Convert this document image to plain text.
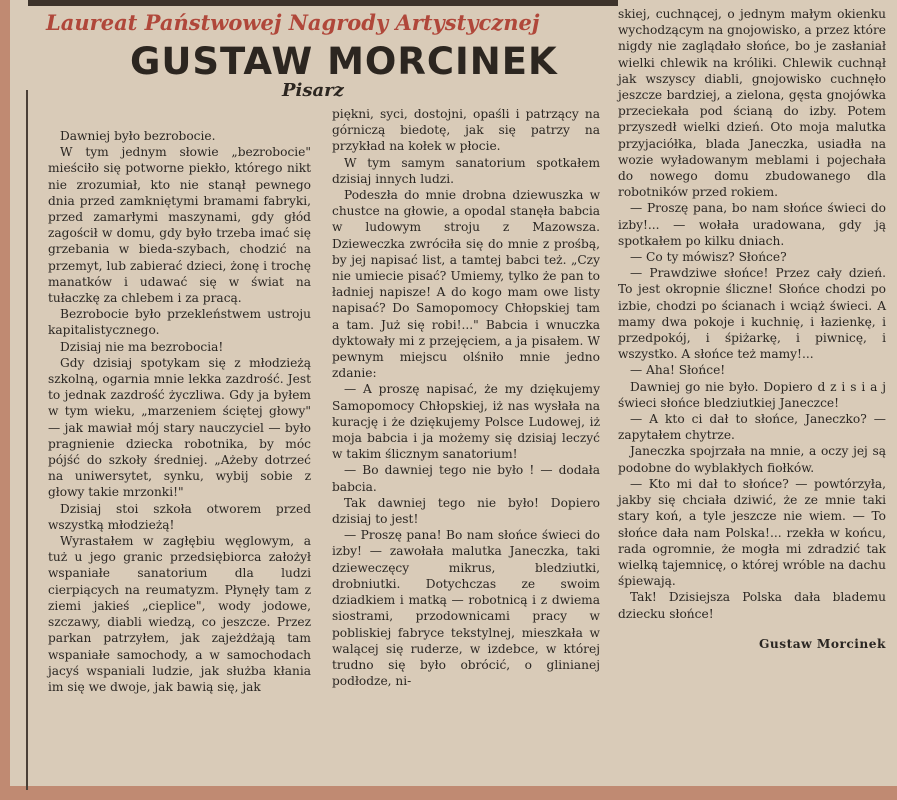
Laureat Państwowej Nagrody Artystycznej
GUSTAW MORCINEK
Pisarz

Dawniej było bezrobocie.

W tym jednym słowie „bezrobocie" mieściło się potworne piekło, którego nikt nie zrozumiał, kto nie stanął pewnego dnia przed zamkniętymi bramami fabryki, przed zamarłymi maszynami, gdy głód zagościł w domu, gdy było trzeba imać się grzebania w bieda-szybach, chodzić na przemyt, lub zabierać dzieci, żonę i trochę manatków i udawać się w świat na tułaczkę za chlebem i za pracą.

Bezrobocie było przekleństwem ustroju kapitalistycznego.

Dzisiaj nie ma bezrobocia!

Gdy dzisiaj spotykam się z młodzieżą szkolną, ogarnia mnie lekka zazdrość. Jest to jednak zazdrość życzliwa. Gdy ja byłem w tym wieku, „marzeniem ściętej głowy" — jak mawiał mój stary nauczyciel — było pragnienie dziecka robotnika, by móc pójść do szkoły średniej. „Ażeby dotrzeć na uniwersytet, synku, wybij sobie z głowy takie mrzonki!"

Dzisiaj stoi szkoła otworem przed wszystką młodzieżą!

Wyrastałem w zagłębiu węglowym, a tuż u jego granic przedsiębiorca założył wspaniałe sanatorium dla ludzi cierpiących na reumatyzm. Płynęły tam z ziemi jakieś „cieplice", wody jodowe, szczawy, diabli wiedzą, co jeszcze. Przez parkan patrzyłem, jak zajeżdżają tam wspaniałe samochody, a w samochodach jacyś wspaniali ludzie, jak służba kłania im się we dwoje, jak bawią się, jak

piękni, syci, dostojni, opaśli i patrzący na górniczą biedotę, jak się patrzy na przykład na kołek w płocie.

W tym samym sanatorium spotkałem dzisiaj innych ludzi.

Podeszła do mnie drobna dziewuszka w chustce na głowie, a opodal stanęła babcia w ludowym stroju z Mazowsza. Dzieweczka zwróciła się do mnie z prośbą, by jej napisać list, a tamtej babci też. „Czy nie umiecie pisać? Umiemy, tylko że pan to ładniej napisze! A do kogo mam owe listy napisać? Do Samopomocy Chłopskiej tam a tam. Już się robi!..." Babcia i wnuczka dyktowały mi z przejęciem, a ja pisałem. W pewnym miejscu olśniło mnie jedno zdanie:

— A proszę napisać, że my dziękujemy Samopomocy Chłopskiej, iż nas wysłała na kurację i że dziękujemy Polsce Ludowej, iż moja babcia i ja możemy się dzisiaj leczyć w takim ślicznym sanatorium!

— Bo dawniej tego nie było ! — dodała babcia.

Tak dawniej tego nie było! Dopiero dzisiaj to jest!

— Proszę pana! Bo nam słońce świeci do izby! — zawołała malutka Janeczka, taki dzieweczęcy mikrus, bledziutki, drobniutki. Dotychczas ze swoim dziadkiem i matką — robotnicą i z dwiema siostrami, przodownicami pracy w pobliskiej fabryce tekstylnej, mieszkała w walącej się ruderze, w izdebce, w której trudno się było obrócić, o glinianej podłodze, ni-

skiej, cuchnącej, o jednym małym okienku wychodzącym na gnojowisko, a przez które nigdy nie zaglądało słońce, bo je zasłaniał wielki chlewik na króliki. Chlewik cuchnął jak wszyscy diabli, gnojowisko cuchnęło jeszcze bardziej, a zielona, gęsta gnojówka przeciekała pod ścianą do izby. Potem przyszedł wielki dzień. Oto moja malutka przyjaciółka, blada Janeczka, usiadła na wozie wyładowanym meblami i pojechała do nowego domu zbudowanego dla robotników przed rokiem.

— Proszę pana, bo nam słońce świeci do izby!... — wołała uradowana, gdy ją spotkałem po kilku dniach.

— Co ty mówisz? Słońce?

— Prawdziwe słońce! Przez cały dzień. To jest okropnie śliczne! Słońce chodzi po izbie, chodzi po ścianach i wciąż świeci. A mamy dwa pokoje i kuchnię, i łazienkę, i przedpokój, i śpiżarkę, i piwnicę, i wszystko. A słońce też mamy!...

— Aha! Słońce!

Dawniej go nie było. Dopiero d z i s i a j świeci słońce bledziutkiej Janeczce!

— A kto ci dał to słońce, Janeczko? — zapytałem chytrze.

Janeczka spojrzała na mnie, a oczy jej są podobne do wyblakłych fiołków.

— Kto mi dał to słońce? — powtórzyła, jakby się chciała dziwić, że ze mnie taki stary koń, a tyle jeszcze nie wiem. — To słońce dała nam Polska!... rzekła w końcu, rada ogromnie, że mogła mi zdradzić tak wielką tajemnicę, o której wróble na dachu śpiewają.

Tak! Dzisiejsza Polska dała blademu dziecku słońce!

Gustaw Morcinek
